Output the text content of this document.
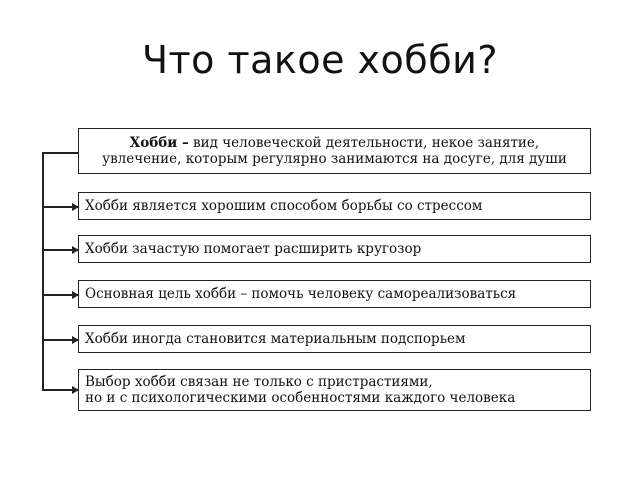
Что такое хобби?
Хобби – вид человеческой деятельности, некое занятие,
увлечение, которым регулярно занимаются на досуге, для души
Хобби является хорошим способом борьбы со стрессом
Хобби зачастую помогает расширить кругозор
Основная цель хобби – помочь человеку самореализоваться
Хобби иногда становится материальным подспорьем
Выбор хобби связан не только с пристрастиями,
но и с психологическими особенностями каждого человека
